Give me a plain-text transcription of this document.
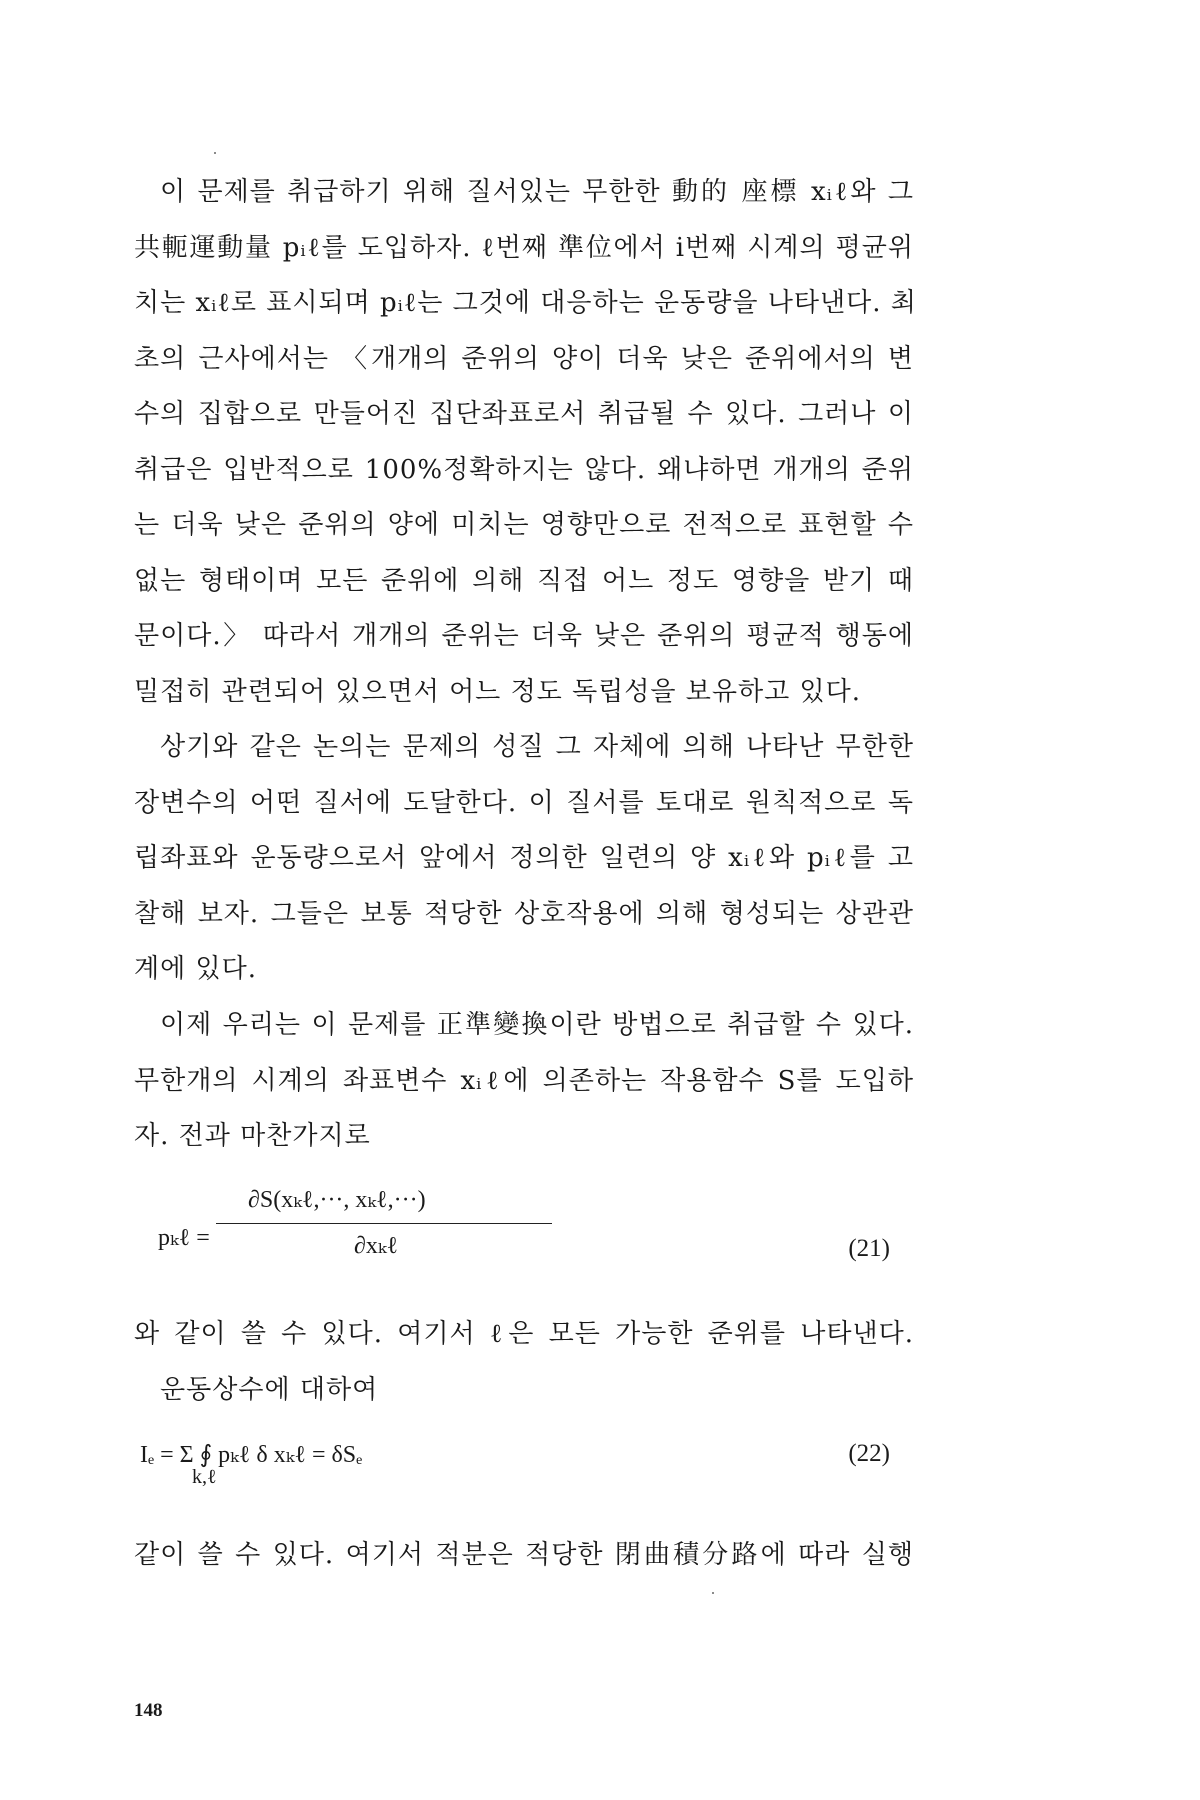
이 문제를 취급하기 위해 질서있는 무한한 動的 座標 xᵢℓ와 그
共軛運動量 pᵢℓ를 도입하자. ℓ번째 準位에서 i번째 시계의 평균위
치는 xᵢℓ로 표시되며 pᵢℓ는 그것에 대응하는 운동량을 나타낸다. 최
초의 근사에서는 〈개개의 준위의 양이 더욱 낮은 준위에서의 변
수의 집합으로 만들어진 집단좌표로서 취급될 수 있다. 그러나 이
취급은 입반적으로 100%정확하지는 않다. 왜냐하면 개개의 준위
는 더욱 낮은 준위의 양에 미치는 영향만으로 전적으로 표현할 수
없는 형태이며 모든 준위에 의해 직접 어느 정도 영향을 받기 때
문이다.〉 따라서 개개의 준위는 더욱 낮은 준위의 평균적 행동에
밀접히 관련되어 있으면서 어느 정도 독립성을 보유하고 있다.
상기와 같은 논의는 문제의 성질 그 자체에 의해 나타난 무한한
장변수의 어떤 질서에 도달한다. 이 질서를 토대로 원칙적으로 독
립좌표와 운동량으로서 앞에서 정의한 일련의 양 xᵢℓ와 pᵢℓ를 고
찰해 보자. 그들은 보통 적당한 상호작용에 의해 형성되는 상관관
계에 있다.
이제 우리는 이 문제를 正準變換이란 방법으로 취급할 수 있다.
무한개의 시계의 좌표변수 xᵢℓ에 의존하는 작용함수 S를 도입하
자. 전과 마찬가지로
pₖℓ =
∂S(xₖℓ,···, xₖℓ,···)
∂xₖℓ	(21)
와 같이 쓸 수 있다. 여기서 ℓ은 모든 가능한 준위를 나타낸다.
운동상수에 대하여
Iₑ = Σ ∮ pₖℓ δ xₖℓ = δSₑ
k,ℓ
(22)
같이 쓸 수 있다. 여기서 적분은 적당한 閉曲積分路에 따라 실행
148
